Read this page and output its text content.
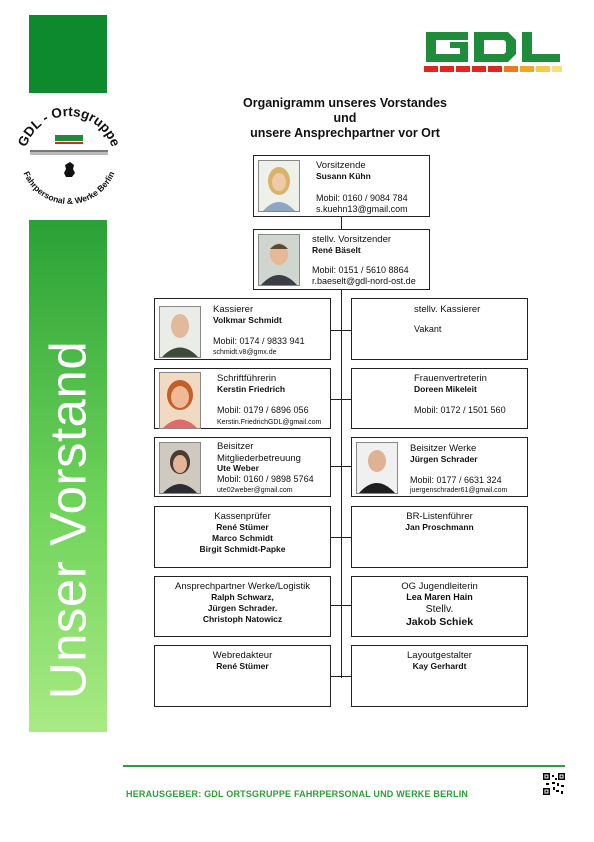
GDL - Ortsgruppe
Fahrpersonal & Werke Berlin
Unser Vorstand
Organigramm unseres Vorstandes
und
unsere Ansprechpartner vor Ort
Vorsitzende
Susann Kühn
Mobil: 0160 / 9084 784
s.kuehn13@gmail.com
stellv. Vorsitzender
René Bäselt
Mobil: 0151 / 5610 8864
r.baeselt@gdl-nord-ost.de
Kassierer
Volkmar Schmidt
Mobil: 0174 / 9833 941
schmidt.v8@gmx.de
stellv. Kassierer
Vakant
Schriftführerin
Kerstin Friedrich
Mobil: 0179 / 6896 056
Kerstin.FriedrichGDL@gmail.com
Frauenvertreterin
Doreen Mikeleit
Mobil: 0172 / 1501 560
Beisitzer
Mitgliederbetreuung
Ute Weber
Mobil: 0160 / 9898 5764
ute02weber@gmail.com
Beisitzer Werke
Jürgen Schrader
Mobil: 0177 / 6631 324
juergenschrader61@gmail.com
Kassenprüfer
René Stümer
Marco Schmidt
Birgit Schmidt-Papke
BR-Listenführer
Jan Proschmann
Ansprechpartner Werke/Logistik
Ralph Schwarz,
Jürgen Schrader.
Christoph Natowicz
OG Jugendleiterin
Lea Maren Hain
Stellv.
Jakob Schiek
Webredakteur
René Stümer
Layoutgestalter
Kay Gerhardt
HERAUSGEBER: GDL ORTSGRUPPE FAHRPERSONAL UND WERKE BERLIN
